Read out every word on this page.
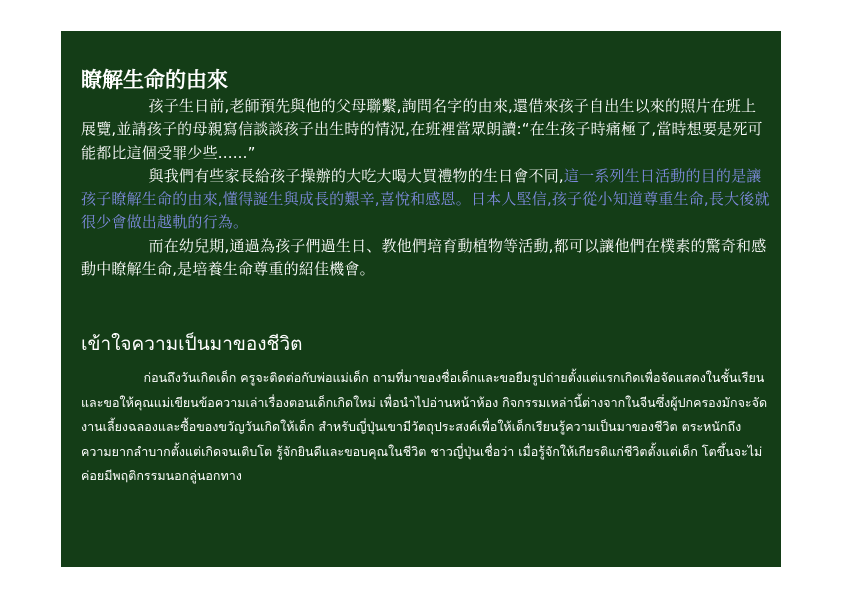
瞭解生命的由來

孩子生日前,老師預先與他的父母聯繫,詢問名字的由來,還借來孩子自出生以來的照片在班上展覽,並請孩子的母親寫信談談孩子出生時的情況,在班裡當眾朗讀:“在生孩子時痛極了,當時想要是死可能都比這個受罪少些......”

與我們有些家長給孩子操辦的大吃大喝大買禮物的生日會不同,這一系列生日活動的目的是讓孩子瞭解生命的由來,懂得誕生與成長的艱辛,喜悅和感恩。日本人堅信,孩子從小知道尊重生命,長大後就很少會做出越軌的行為。

而在幼兒期,通過為孩子們過生日、教他們培育動植物等活動,都可以讓他們在樸素的驚奇和感動中瞭解生命,是培養生命尊重的紹佳機會。

เข้าใจความเป็นมาของชีวิต

ก่อนถึงวันเกิดเด็ก ครูจะติดต่อกับพ่อแม่เด็ก ถามที่มาของชื่อเด็กและขอยืมรูปถ่ายตั้งแต่แรกเกิดเพื่อจัดแสดงในชั้นเรียน และขอให้คุณแม่เขียนข้อความเล่าเรื่องตอนเด็กเกิดใหม่ เพื่อนำไปอ่านหน้าห้อง กิจกรรมเหล่านี้ต่างจากในจีนซึ่งผู้ปกครองมักจะจัดงานเลี้ยงฉลองและซื้อของขวัญวันเกิดให้เด็ก สำหรับญี่ปุ่นเขามีวัตถุประสงค์เพื่อให้เด็กเรียนรู้ความเป็นมาของชีวิต ตระหนักถึงความยากลำบากตั้งแต่เกิดจนเติบโต รู้จักยินดีและขอบคุณในชีวิต ชาวญี่ปุ่นเชื่อว่า เมื่อรู้จักให้เกียรติแก่ชีวิตตั้งแต่เด็ก โตขึ้นจะไม่ค่อยมีพฤติกรรมนอกลู่นอกทาง
